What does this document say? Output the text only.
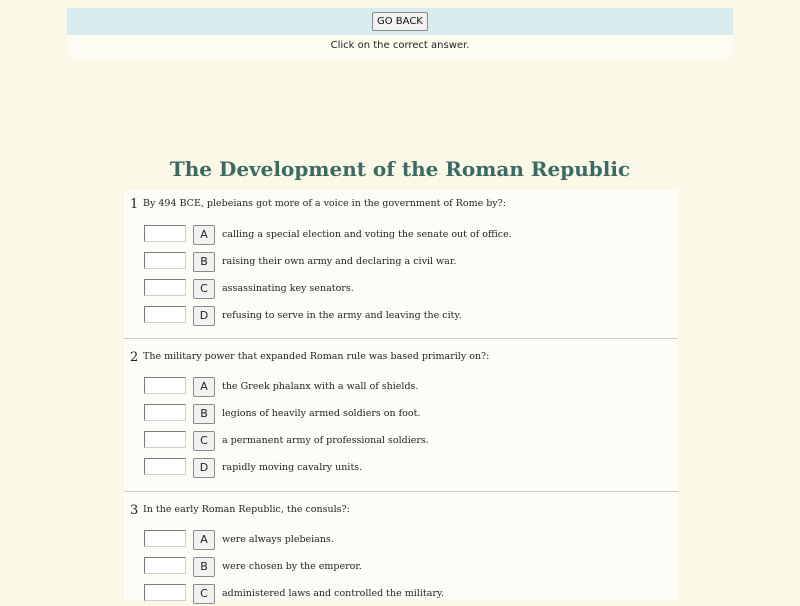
GO BACK
Click on the correct answer.
The Development of the Roman Republic
1 By 494 BCE, plebeians got more of a voice in the government of Rome by?:
A	calling a special election and voting the senate out of office.
B	raising their own army and declaring a civil war.
C	assassinating key senators.
D	refusing to serve in the army and leaving the city.
2 The military power that expanded Roman rule was based primarily on?:
A	the Greek phalanx with a wall of shields.
B	legions of heavily armed soldiers on foot.
C	a permanent army of professional soldiers.
D	rapidly moving cavalry units.
3 In the early Roman Republic, the consuls?:
A	were always plebeians.
B	were chosen by the emperor.
C	administered laws and controlled the military.
